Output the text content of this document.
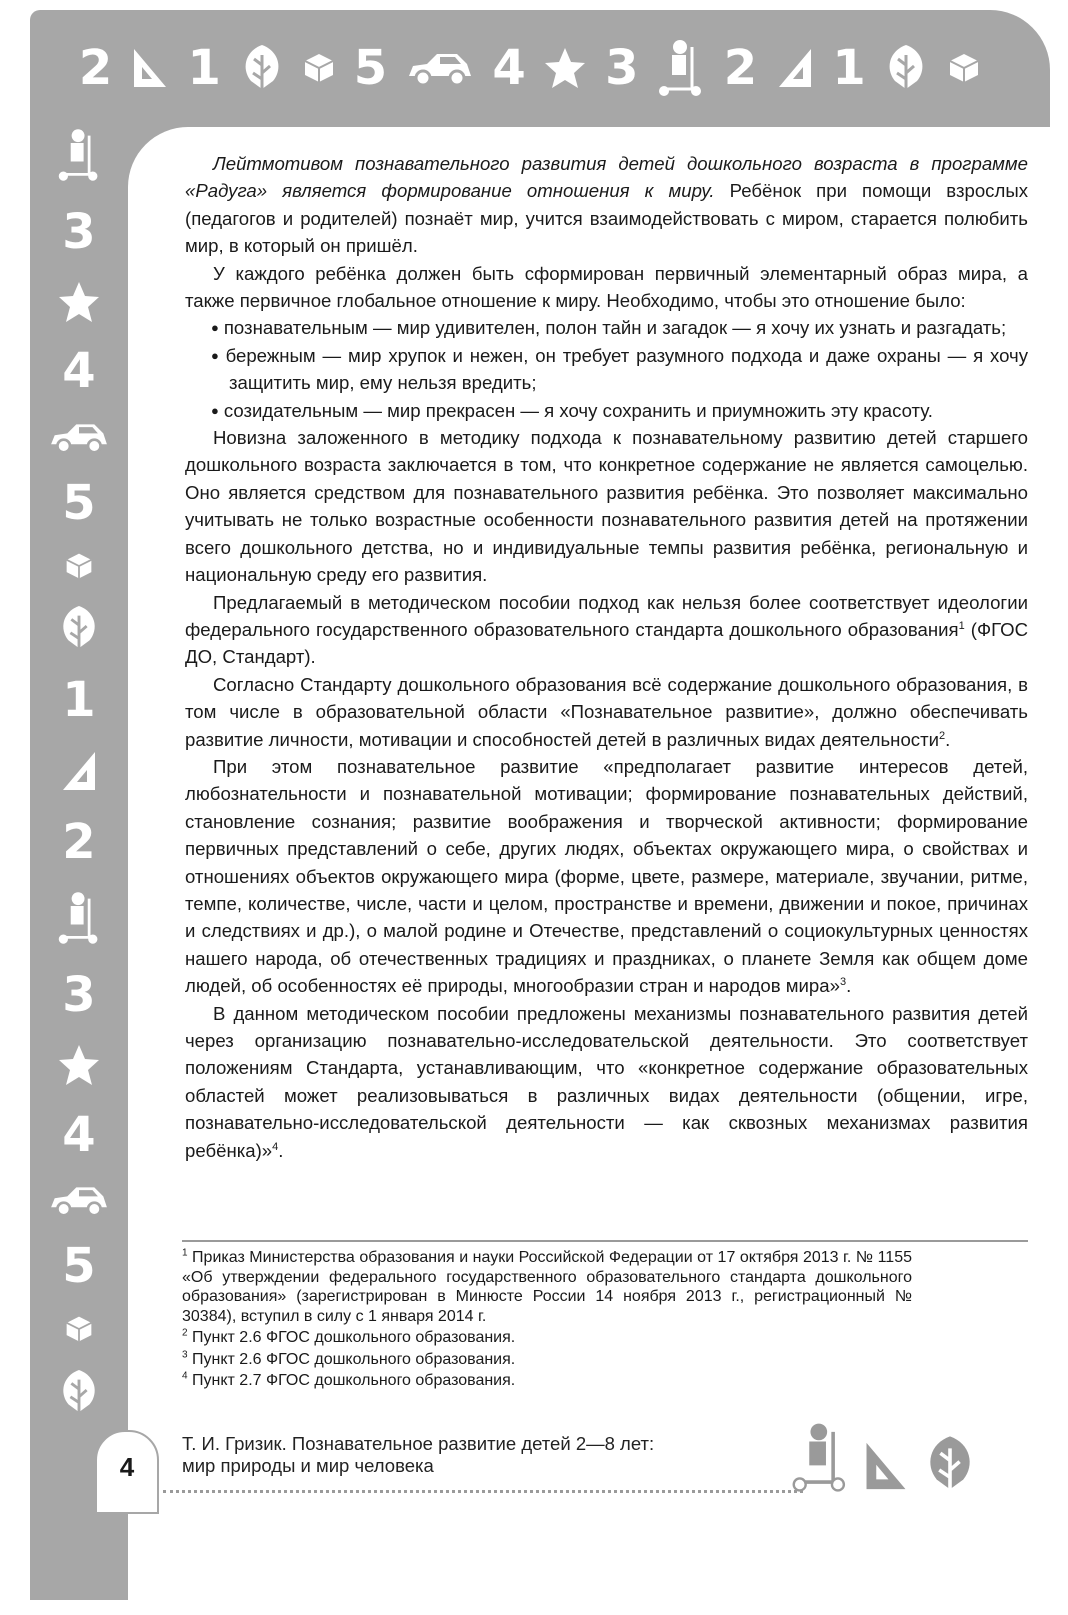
2 1	5 4 3 2 1
3
4
5
1
2
3
4
5

Лейтмотивом познавательного развития детей дошкольного возраста в программе «Радуга» является формирование отношения к миру. Ребёнок при помощи взрослых (педагогов и родителей) познаёт мир, учится взаимодействовать с миром, старается полюбить мир, в который он пришёл.

У каждого ребёнка должен быть сформирован первичный элементарный образ мира, а также первичное глобальное отношение к миру. Необходимо, чтобы это отношение было:

● познавательным — мир удивителен, полон тайн и загадок — я хочу их узнать и разгадать;
● бережным — мир хрупок и нежен, он требует разумного подхода и даже охраны — я хочу защитить мир, ему нельзя вредить;
● созидательным — мир прекрасен — я хочу сохранить и приумножить эту красоту.

Новизна заложенного в методику подхода к познавательному развитию детей старшего дошкольного возраста заключается в том, что конкретное содержание не является самоцелью. Оно является средством для познавательного развития ребёнка. Это позволяет максимально учитывать не только возрастные особенности познавательного развития детей на протяжении всего дошкольного детства, но и индивидуальные темпы развития ребёнка, региональную и национальную среду его развития.

Предлагаемый в методическом пособии подход как нельзя более соответствует идеологии федерального государственного образовательного стандарта дошкольного образования$^1$ (ФГОС ДО, Стандарт).

Согласно Стандарту дошкольного образования всё содержание дошкольного образования, в том числе в образовательной области «Познавательное развитие», должно обеспечивать развитие личности, мотивации и способностей детей в различных видах деятельности$^2$.

При этом познавательное развитие «предполагает развитие интересов детей, любознательности и познавательной мотивации; формирование познавательных действий, становление сознания; развитие воображения и творческой активности; формирование первичных представлений о себе, других людях, объектах окружающего мира, о свойствах и отношениях объектов окружающего мира (форме, цвете, размере, материале, звучании, ритме, темпе, количестве, числе, части и целом, пространстве и времени, движении и покое, причинах и следствиях и др.), о малой родине и Отечестве, представлений о социокультурных ценностях нашего народа, об отечественных традициях и праздниках, о планете Земля как общем доме людей, об особенностях её природы, многообразии стран и народов мира»$^3$.

В данном методическом пособии предложены механизмы познавательного развития детей через организацию познавательно-исследовательской деятельности. Это соответствует положениям Стандарта, устанавливающим, что «конкретное содержание образовательных областей может реализовываться в различных видах деятельности (общении, игре, познавательно-исследовательской деятельности — как сквозных механизмах развития ребёнка)»$^4$.

$^1$ Приказ Министерства образования и науки Российской Федерации от 17 октября 2013 г. № 1155 «Об утверждении федерального государственного образовательного стандарта дошкольного образования» (зарегистрирован в Минюсте России 14 ноября 2013 г., регистрационный № 30384), вступил в силу с 1 января 2014 г.

$^2$ Пункт 2.6 ФГОС дошкольного образования.

$^3$ Пункт 2.6 ФГОС дошкольного образования.

$^4$ Пункт 2.7 ФГОС дошкольного образования.

4
Т. И. Гризик. Познавательное развитие детей 2—8 лет:
мир природы и мир человека
